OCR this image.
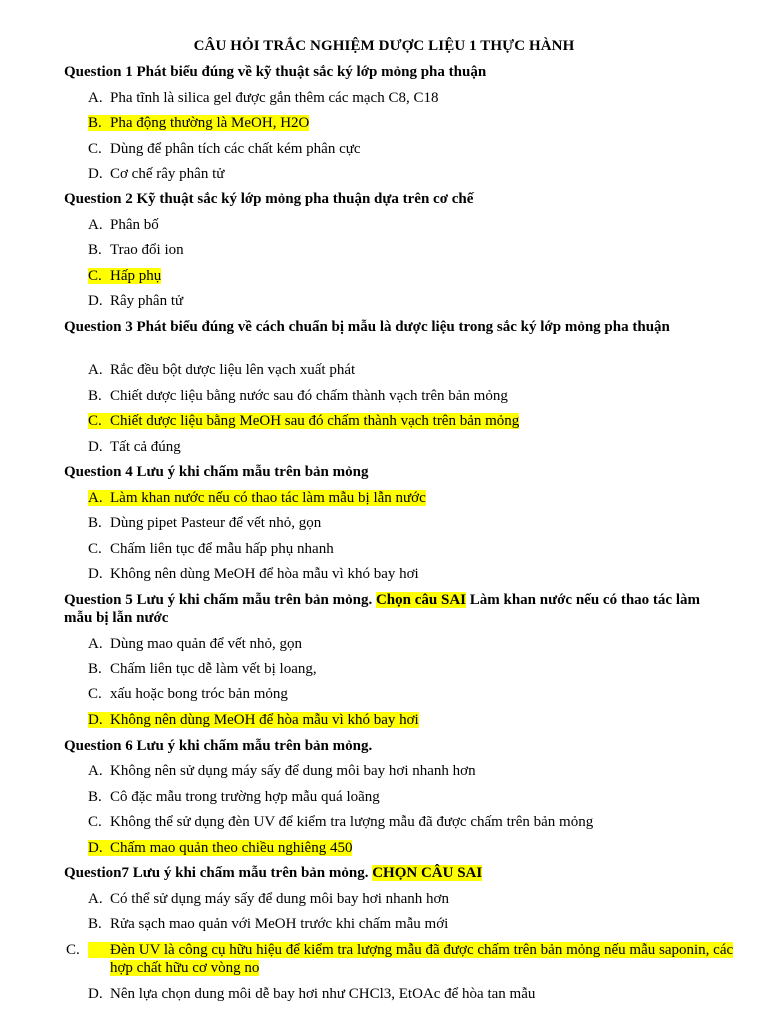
CÂU HỎI TRẮC NGHIỆM DƯỢC LIỆU 1 THỰC HÀNH
Question 1 Phát biểu đúng về kỹ thuật sắc ký lớp mỏng pha thuận
A. Pha tĩnh là silica gel được gắn thêm các mạch C8, C18
B. Pha động thường là MeOH, H2O
C. Dùng để phân tích các chất kém phân cực
D. Cơ chế rây phân tử
Question 2 Kỹ thuật sắc ký lớp mỏng pha thuận dựa trên cơ chế
A. Phân bố
B. Trao đổi ion
C. Hấp phụ
D. Rây phân tử
Question 3 Phát biểu đúng về cách chuẩn bị mẫu là dược liệu trong sắc ký lớp mỏng pha thuận
A. Rắc đều bột dược liệu lên vạch xuất phát
B. Chiết dược liệu bằng nước sau đó chấm thành vạch trên bản mỏng
C. Chiết dược liệu bằng MeOH sau đó chấm thành vạch trên bản mỏng
D. Tất cả đúng
Question 4 Lưu ý khi chấm mẫu trên bản mỏng
A. Làm khan nước nếu có thao tác làm mẫu bị lẫn nước
B. Dùng pipet Pasteur để vết nhỏ, gọn
C. Chấm liên tục để mẫu hấp phụ nhanh
D. Không nên dùng MeOH để hòa mẫu vì khó bay hơi
Question 5 Lưu ý khi chấm mẫu trên bản mỏng. Chọn câu SAI Làm khan nước nếu có thao tác làm mẫu bị lẫn nước
A. Dùng mao quản để vết nhỏ, gọn
B. Chấm liên tục dễ làm vết bị loang,
C. xấu hoặc bong tróc bản mỏng
D. Không nên dùng MeOH để hòa mẫu vì khó bay hơi
Question 6 Lưu ý khi chấm mẫu trên bản mỏng.
A. Không nên sử dụng máy sấy để dung môi bay hơi nhanh hơn
B. Cô đặc mẫu trong trường hợp mẫu quá loãng
C. Không thể sử dụng đèn UV để kiểm tra lượng mẫu đã được chấm trên bản mỏng
D. Chấm mao quản theo chiều nghiêng 450
Question7 Lưu ý khi chấm mẫu trên bản mỏng. CHỌN CÂU SAI
A. Có thể sử dụng máy sấy để dung môi bay hơi nhanh hơn
B. Rửa sạch mao quản với MeOH trước khi chấm mẫu mới
C. Đèn UV là công cụ hữu hiệu để kiểm tra lượng mẫu đã được chấm trên bản mỏng nếu mẫu saponin, các hợp chất hữu cơ vòng no
D. Nên lựa chọn dung môi dễ bay hơi như CHCl3, EtOAc để hòa tan mẫu
